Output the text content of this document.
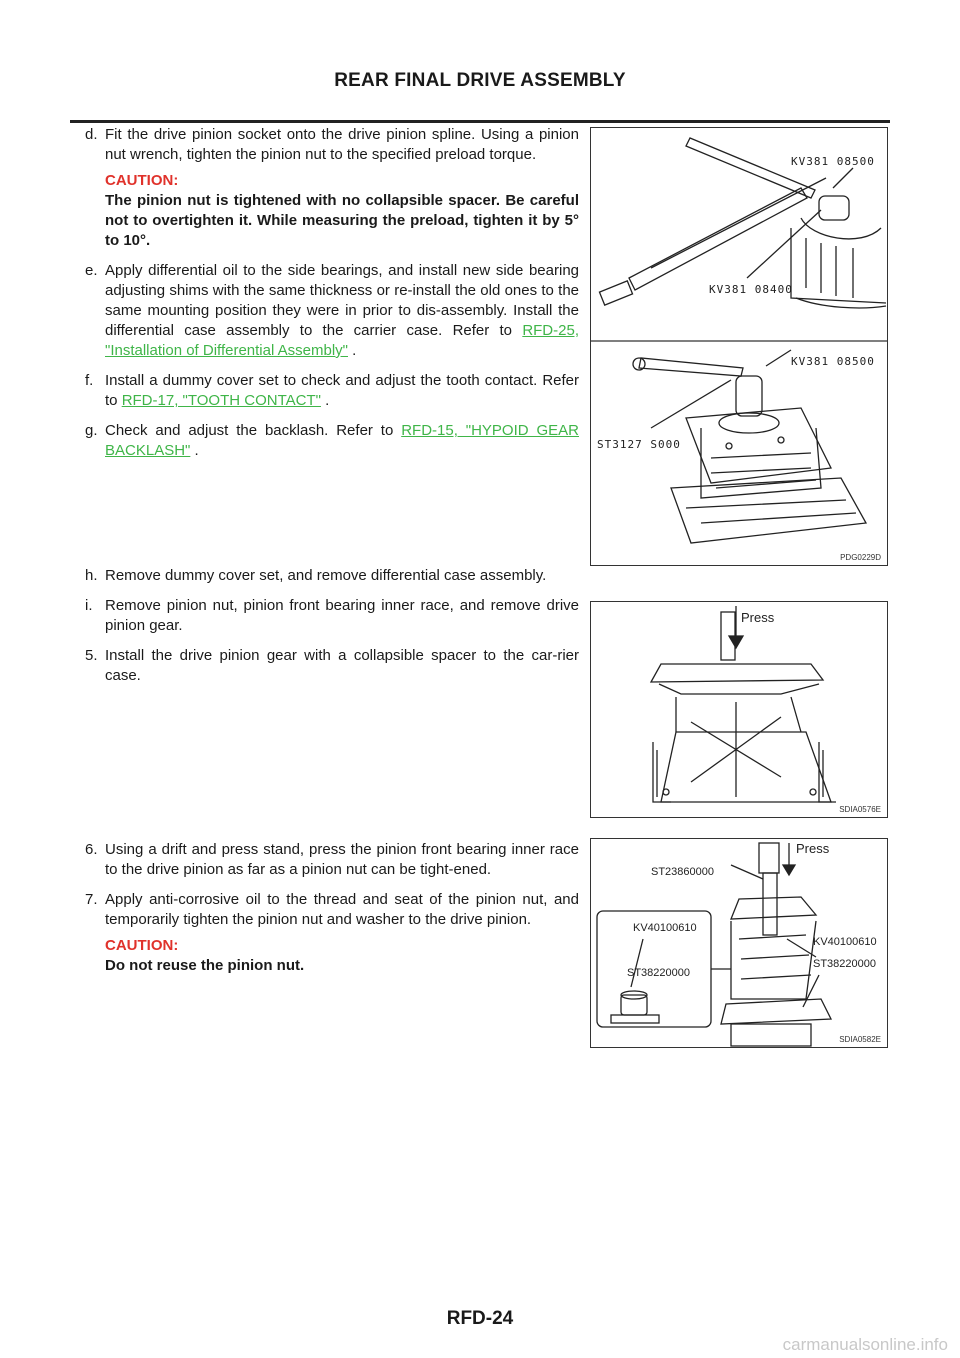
REAR FINAL DRIVE ASSEMBLY
d. Fit the drive pinion socket onto the drive pinion spline. Using a pinion nut wrench, tighten the pinion nut to the specified preload torque.
CAUTION:
The pinion nut is tightened with no collapsible spacer. Be careful not to overtighten it. While measuring the preload, tighten it by 5° to 10°.
e. Apply differential oil to the side bearings, and install new side bearing adjusting shims with the same thickness or re-install the old ones to the same mounting position they were in prior to dis-assembly. Install the differential case assembly to the carrier case. Refer to RFD-25, "Installation of Differential Assembly" .
f. Install a dummy cover set to check and adjust the tooth contact. Refer to RFD-17, "TOOTH CONTACT" .
g. Check and adjust the backlash. Refer to RFD-15, "HYPOID GEAR BACKLASH" .
h. Remove dummy cover set, and remove differential case assembly.
i. Remove pinion nut, pinion front bearing inner race, and remove drive pinion gear.
5. Install the drive pinion gear with a collapsible spacer to the car-rier case.
6. Using a drift and press stand, press the pinion front bearing inner race to the drive pinion as far as a pinion nut can be tight-ened.
7. Apply anti-corrosive oil to the thread and seat of the pinion nut, and temporarily tighten the pinion nut and washer to the drive pinion.
CAUTION:
Do not reuse the pinion nut.
KV381 08500
KV381 08400
KV381 08500
ST3127 S000
PDG0229D
Press
SDIA0576E
Press
ST23860000
KV40100610
ST38220000
KV40100610
ST38220000
SDIA0582E
RFD-24
carmanualsonline.info
